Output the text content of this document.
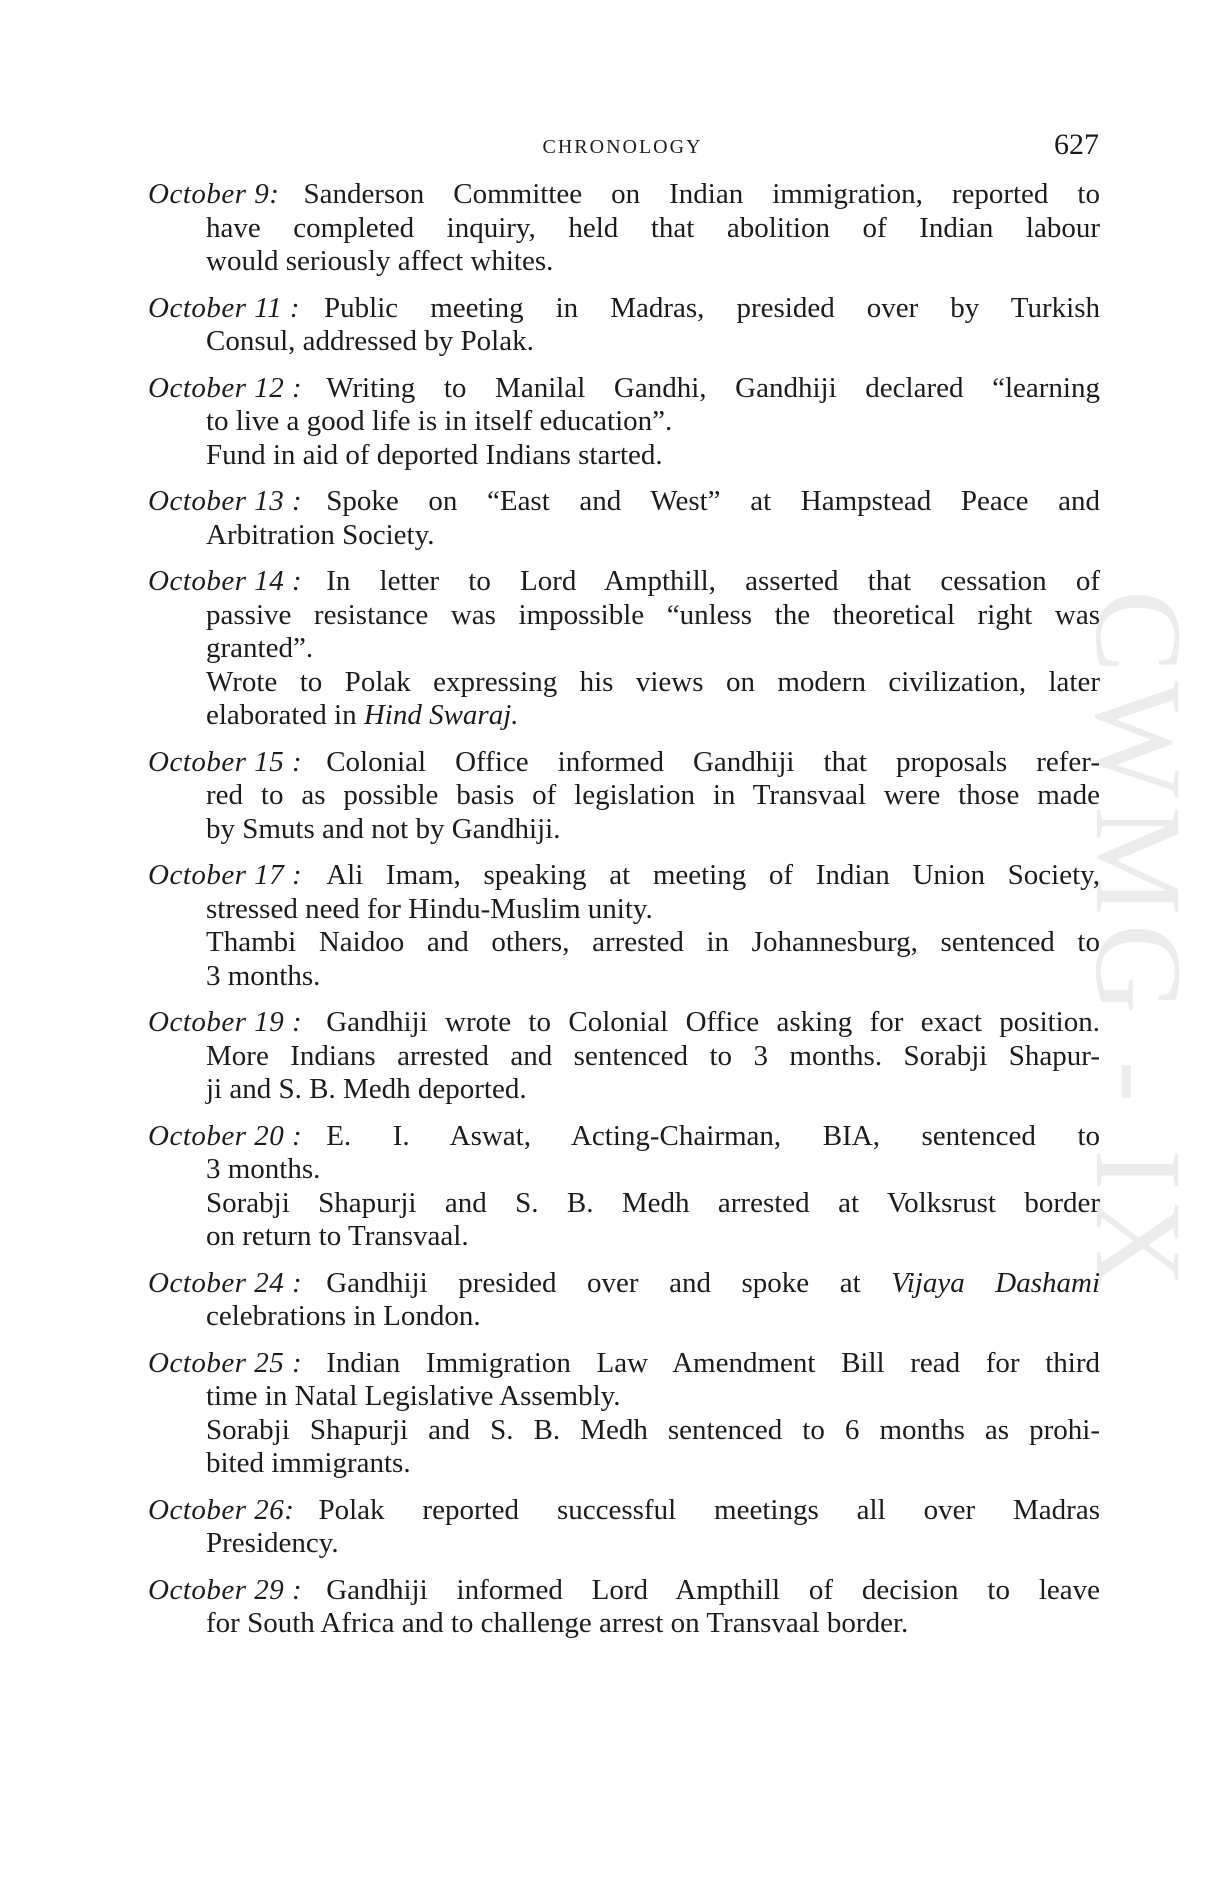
CWMG - IX
CHRONOLOGY	627
October 9: Sanderson Committee on Indian immigration, reported to
have completed inquiry, held that abolition of Indian labour
would seriously affect whites.
October 11 : Public meeting in Madras, presided over by Turkish
Consul, addressed by Polak.
October 12 : Writing to Manilal Gandhi, Gandhiji declared “learning
to live a good life is in itself education”.
Fund in aid of deported Indians started.
October 13 : Spoke on “East and West” at Hampstead Peace and
Arbitration Society.
October 14 : In letter to Lord Ampthill, asserted that cessation of
passive resistance was impossible “unless the theoretical right was
granted”.
Wrote to Polak expressing his views on modern civilization, later
elaborated in Hind Swaraj.
October 15 : Colonial Office informed Gandhiji that proposals refer-
red to as possible basis of legislation in Transvaal were those made
by Smuts and not by Gandhiji.
October 17 : Ali Imam, speaking at meeting of Indian Union Society,
stressed need for Hindu-Muslim unity.
Thambi Naidoo and others, arrested in Johannesburg, sentenced to
3 months.
October 19 : Gandhiji wrote to Colonial Office asking for exact position.
More Indians arrested and sentenced to 3 months. Sorabji Shapur-
ji and S. B. Medh deported.
October 20 : E. I. Aswat, Acting-Chairman, BIA, sentenced to
3 months.
Sorabji Shapurji and S. B. Medh arrested at Volksrust border
on return to Transvaal.
October 24 : Gandhiji presided over and spoke at Vijaya Dashami
celebrations in London.
October 25 : Indian Immigration Law Amendment Bill read for third
time in Natal Legislative Assembly.
Sorabji Shapurji and S. B. Medh sentenced to 6 months as prohi-
bited immigrants.
October 26: Polak reported successful meetings all over Madras
Presidency.
October 29 : Gandhiji informed Lord Ampthill of decision to leave
for South Africa and to challenge arrest on Transvaal border.
